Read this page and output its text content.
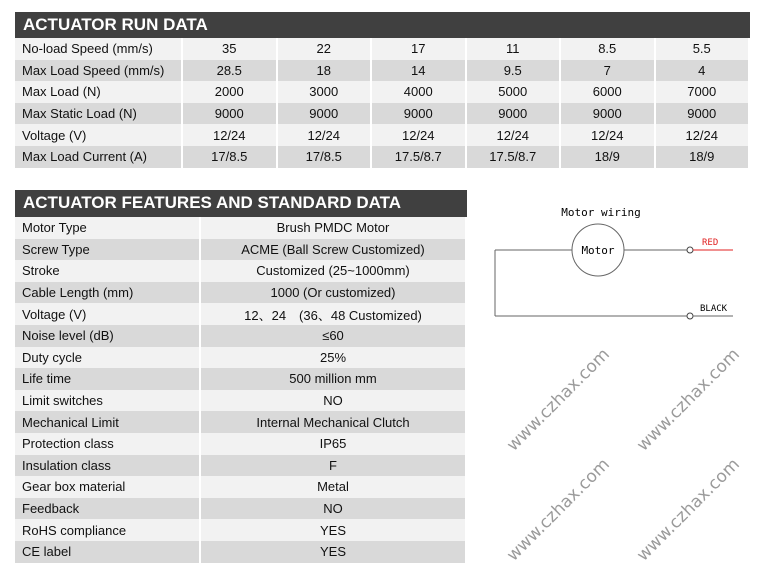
ACTUATOR RUN DATA
No-load Speed (mm/s)	35	22	17	11	8.5	5.5
Max Load Speed (mm/s)	28.5	18	14	9.5	7	4
Max Load (N)	2000	3000	4000	5000	6000	7000
Max Static Load (N)	9000	9000	9000	9000	9000	9000
Voltage (V)	12/24	12/24	12/24	12/24	12/24	12/24
Max Load Current (A)	17/8.5	17/8.5	17.5/8.7	17.5/8.7	18/9	18/9
ACTUATOR FEATURES AND STANDARD DATA
Motor Type	Brush PMDC Motor
Screw Type	ACME (Ball Screw Customized)
Stroke	Customized (25~1000mm)
Cable Length (mm)	1000 (Or customized)
Voltage (V)	12、24　(36、48 Customized)
Noise level (dB)	≤60
Duty cycle	25%
Life time	500 million mm
Limit switches	NO
Mechanical Limit	Internal Mechanical Clutch
Protection class	IP65
Insulation class	F
Gear box material	Metal
Feedback	NO
RoHS compliance	YES
CE label	YES
Motor wiring
Motor
RED
BLACK
www.czhax.com www.czhax.com
www.czhax.com www.czhax.com
